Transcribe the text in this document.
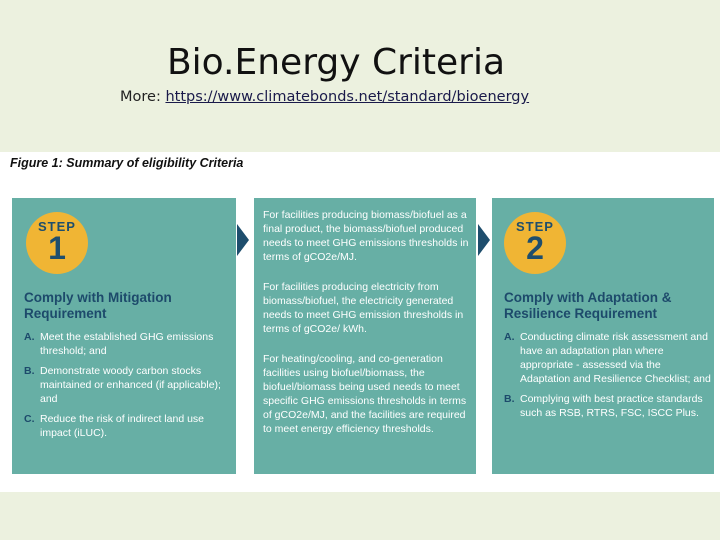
Bio.Energy Criteria
More: https://www.climatebonds.net/standard/bioenergy
Figure 1: Summary of eligibility Criteria
STEP
1
Comply with Mitigation Requirement
A. Meet the established GHG emissions threshold; and
B. Demonstrate woody carbon stocks maintained or enhanced (if applicable); and
C. Reduce the risk of indirect land use impact (iLUC).
For facilities producing biomass/biofuel as a final product, the biomass/biofuel produced needs to meet GHG emissions thresholds in terms of gCO2e/MJ.
For facilities producing electricity from biomass/biofuel, the electricity generated needs to meet GHG emission thresholds in terms of gCO2e/ kWh.
For heating/cooling, and co-generation facilities using biofuel/biomass, the biofuel/biomass being used needs to meet specific GHG emissions thresholds in terms of gCO2e/MJ, and the facilities are required to meet energy efficiency thresholds.
STEP
2
Comply with Adaptation & Resilience Requirement
A. Conducting climate risk assessment and have an adaptation plan where appropriate - assessed via the Adaptation and Resilience Checklist; and
B. Complying with best practice standards such as RSB, RTRS, FSC, ISCC Plus.
